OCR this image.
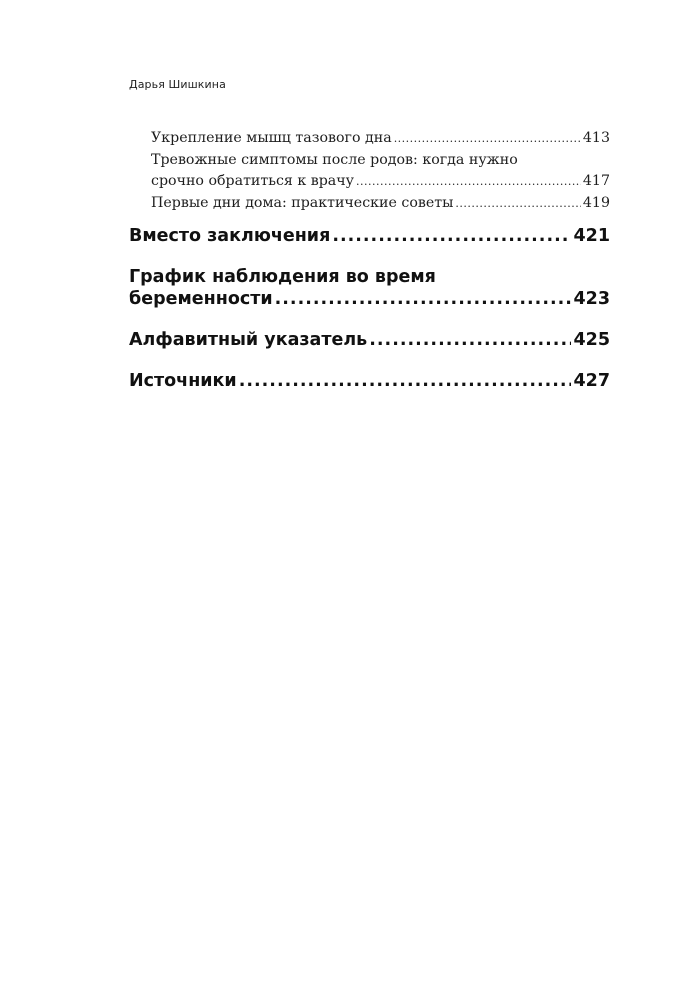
Дарья Шишкина
Укрепление мышц тазового дна .....	413
Тревожные симптомы после родов: когда нужно
срочно обратиться к врачу .....	417
Первые дни дома: практические советы .....	419
Вместо заключения .....	421
График наблюдения во время
беременности .....	423
Алфавитный указатель .....	425
Источники .....	427
